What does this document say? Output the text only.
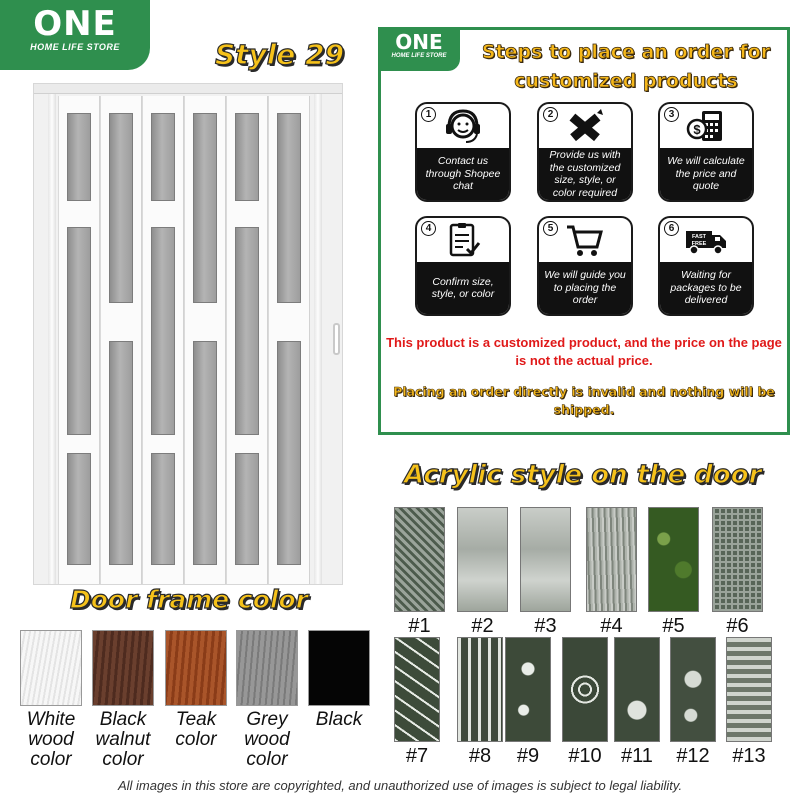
ONE
HOME LIFE STORE	Style 29	ONE
HOME LIFE STORE	Steps to place an order for customized products
1
Contact us through Shopee chat
2
Provide us with the customized size, style, or color required
$
3
We will calculate the price and quote
4
Confirm size, style, or color
5
We will guide you to placing the order
FAST
FREE
6
Waiting for packages to be delivered
This product is a customized product, and the price on the page is not the actual price.
Placing an order directly is invalid and nothing will be shipped.
Door frame color
White wood color
Black walnut color
Teak color
Grey wood color
Black
Acrylic style on the door
#1	#2	#3	#4	#5	#6
#7	#8	#9	#10 #11	#12	#13
All images in this store are copyrighted, and unauthorized use of images is subject to legal liability.
